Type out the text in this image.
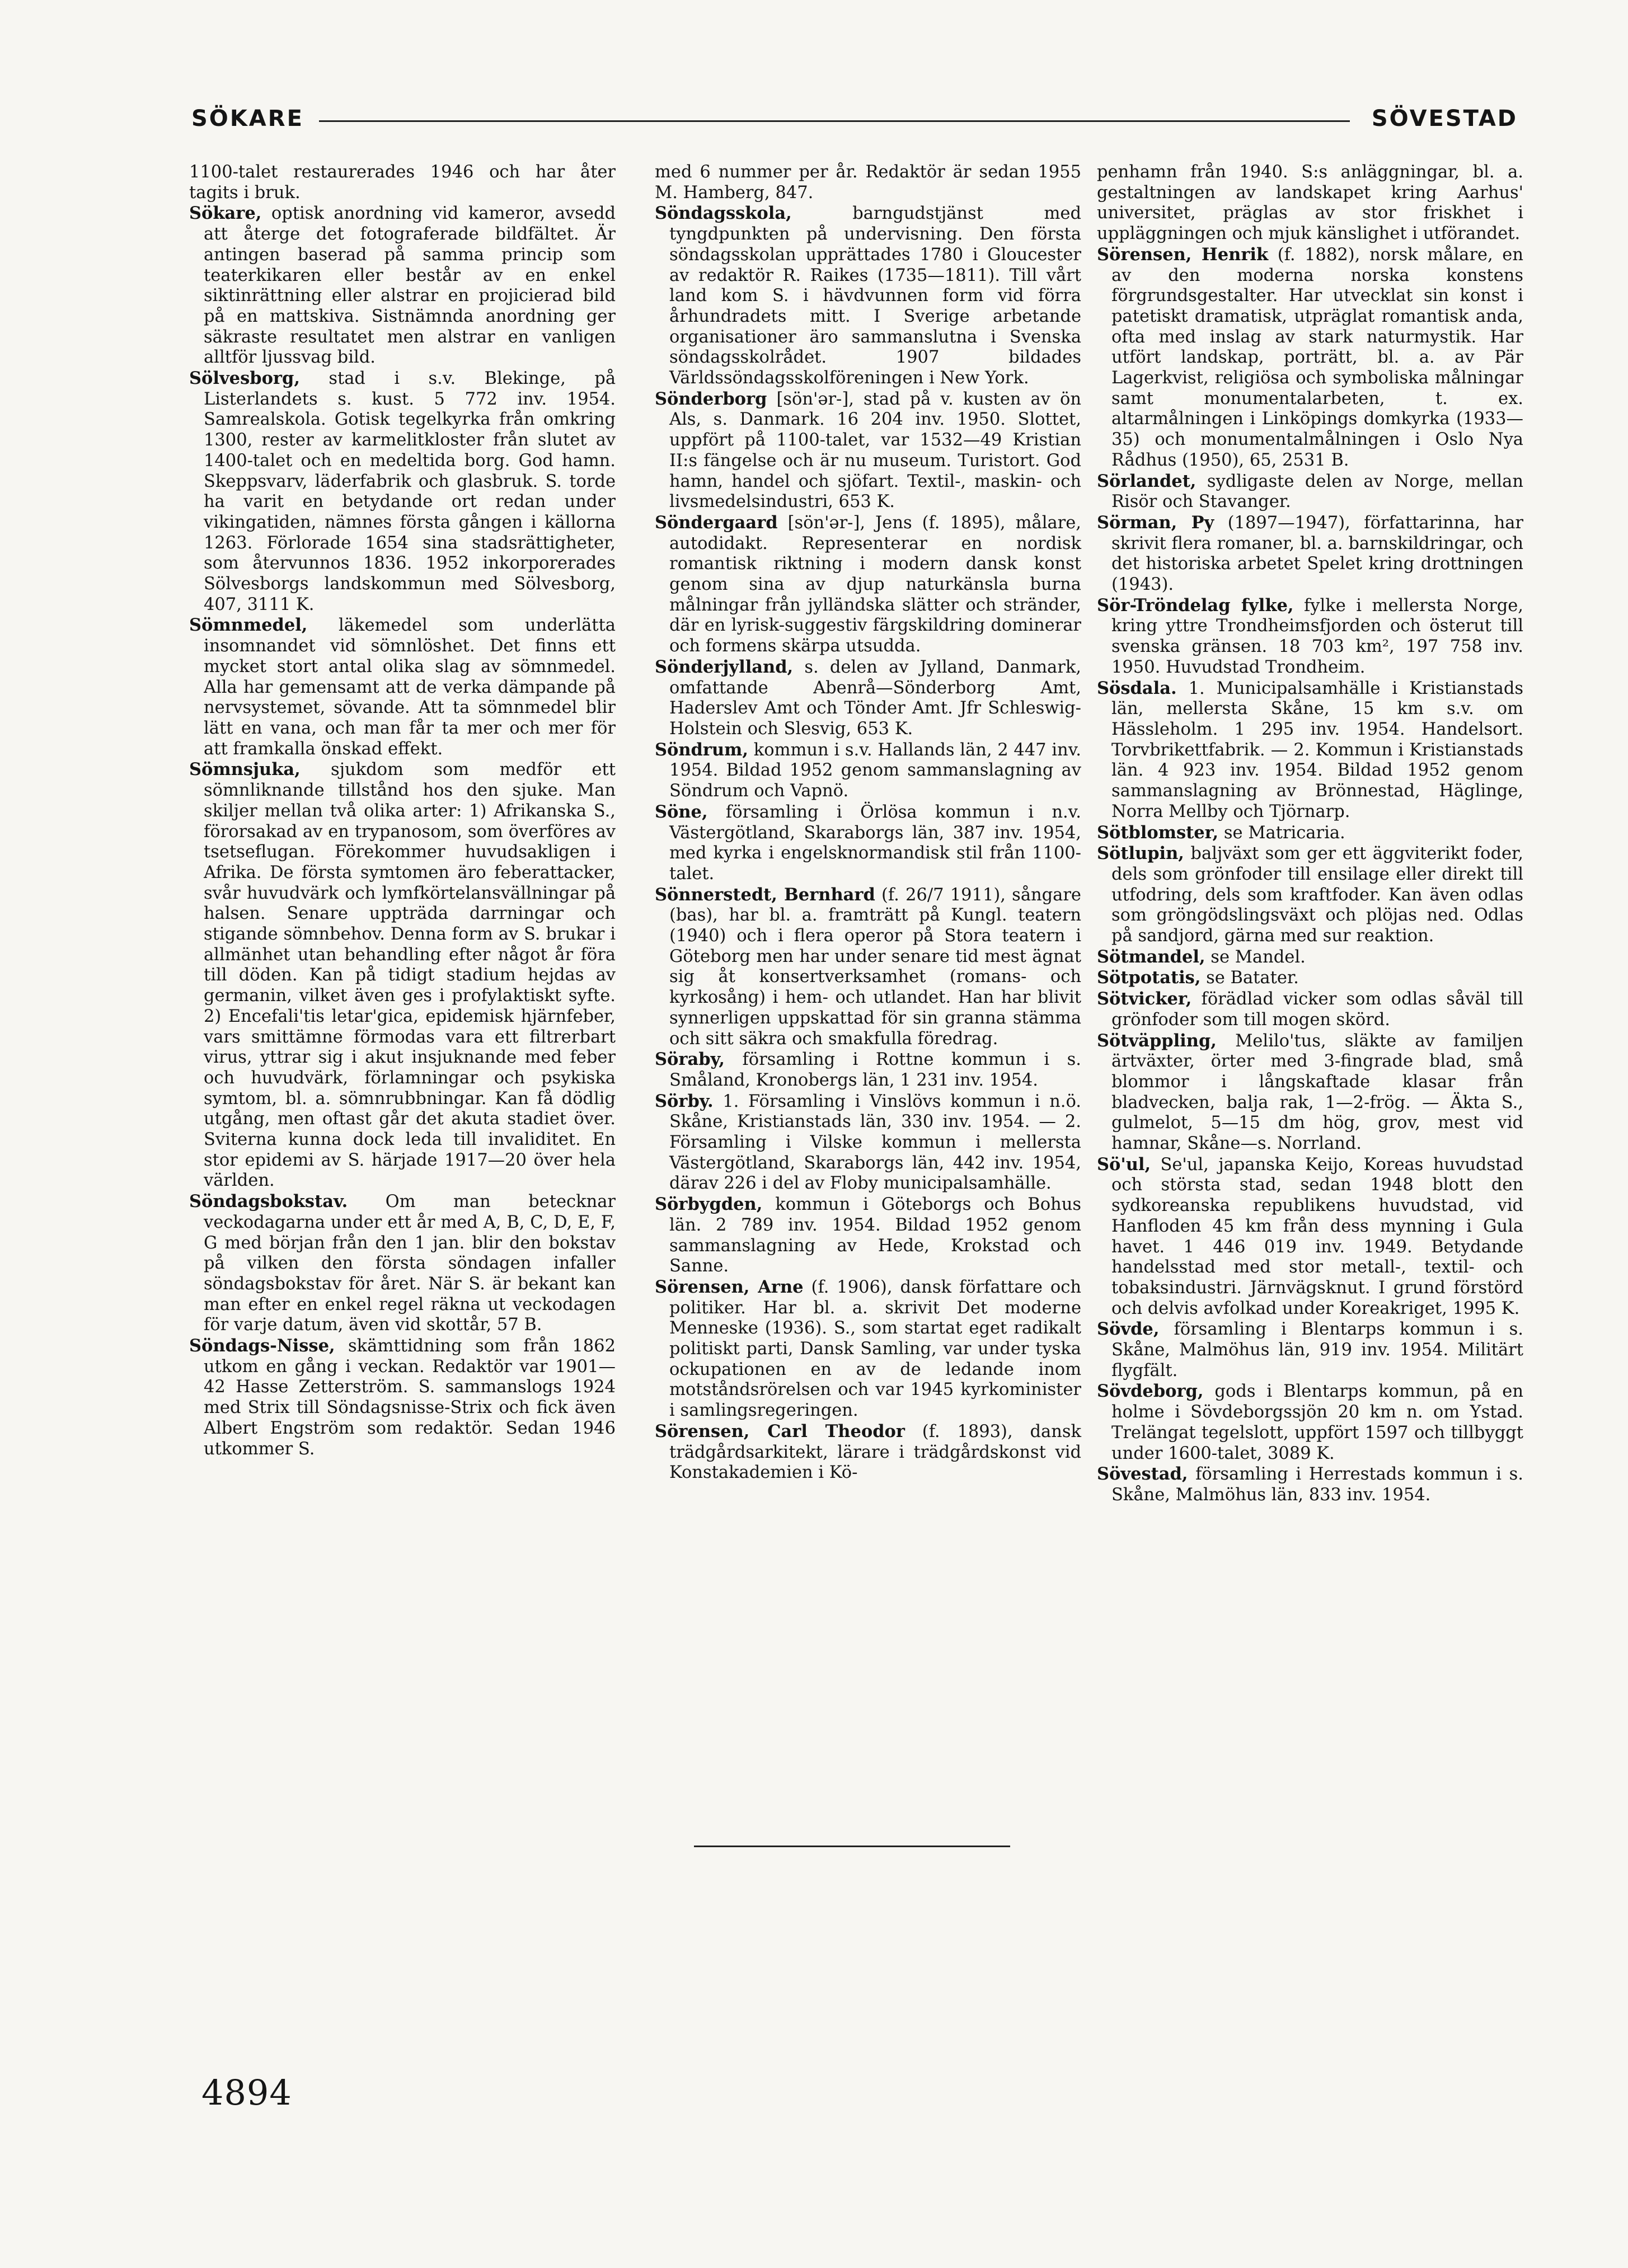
SÖKARE	SÖVESTAD

1100-talet restaurerades 1946 och har åter tagits i bruk.

Sökare, optisk anordning vid kameror, avsedd att återge det fotograferade bildfältet. Är antingen baserad på samma princip som teaterkikaren eller består av en enkel siktinrättning eller alstrar en projicierad bild på en mattskiva. Sistnämnda anordning ger säkraste resultatet men alstrar en vanligen alltför ljussvag bild.

Sölvesborg, stad i s.v. Blekinge, på Listerlandets s. kust. 5 772 inv. 1954. Samrealskola. Gotisk tegelkyrka från omkring 1300, rester av karmelitkloster från slutet av 1400-talet och en medeltida borg. God hamn. Skeppsvarv, läderfabrik och glasbruk. S. torde ha varit en betydande ort redan under vikingatiden, nämnes första gången i källorna 1263. Förlorade 1654 sina stadsrättigheter, som återvunnos 1836. 1952 inkorporerades Sölvesborgs landskommun med Sölvesborg, 407, 3111 K.

Sömnmedel, läkemedel som underlätta insomnandet vid sömnlöshet. Det finns ett mycket stort antal olika slag av sömnmedel. Alla har gemensamt att de verka dämpande på nervsystemet, sövande. Att ta sömnmedel blir lätt en vana, och man får ta mer och mer för att framkalla önskad effekt.

Sömnsjuka, sjukdom som medför ett sömnliknande tillstånd hos den sjuke. Man skiljer mellan två olika arter: 1) Afrikanska S., förorsakad av en trypanosom, som överföres av tsetseflugan. Förekommer huvudsakligen i Afrika. De första symtomen äro feberattacker, svår huvudvärk och lymfkörtelansvällningar på halsen. Senare uppträda darrningar och stigande sömnbehov. Denna form av S. brukar i allmänhet utan behandling efter något år föra till döden. Kan på tidigt stadium hejdas av germanin, vilket även ges i profylaktiskt syfte. 2) Encefali'tis letar'gica, epidemisk hjärnfeber, vars smittämne förmodas vara ett filtrerbart virus, yttrar sig i akut insjuknande med feber och huvudvärk, förlamningar och psykiska symtom, bl. a. sömnrubbningar. Kan få dödlig utgång, men oftast går det akuta stadiet över. Sviterna kunna dock leda till invaliditet. En stor epidemi av S. härjade 1917—20 över hela världen.

Söndagsbokstav. Om man betecknar veckodagarna under ett år med A, B, C, D, E, F, G med början från den 1 jan. blir den bokstav på vilken den första söndagen infaller söndagsbokstav för året. När S. är bekant kan man efter en enkel regel räkna ut veckodagen för varje datum, även vid skottår, 57 B.

Söndags-Nisse, skämttidning som från 1862 utkom en gång i veckan. Redaktör var 1901—42 Hasse Zetterström. S. sammanslogs 1924 med Strix till Söndagsnisse-Strix och fick även Albert Engström som redaktör. Sedan 1946 utkommer S.

med 6 nummer per år. Redaktör är sedan 1955 M. Hamberg, 847.

Söndagsskola, barngudstjänst med tyngdpunkten på undervisning. Den första söndagsskolan upprättades 1780 i Gloucester av redaktör R. Raikes (1735—1811). Till vårt land kom S. i hävdvunnen form vid förra århundradets mitt. I Sverige arbetande organisationer äro sammanslutna i Svenska söndagsskolrådet. 1907 bildades Världssöndagsskolföreningen i New York.

Sönderborg [sön'ər-], stad på v. kusten av ön Als, s. Danmark. 16 204 inv. 1950. Slottet, uppfört på 1100-talet, var 1532—49 Kristian II:s fängelse och är nu museum. Turistort. God hamn, handel och sjöfart. Textil-, maskin- och livsmedelsindustri, 653 K.

Söndergaard [sön'ər-], Jens (f. 1895), målare, autodidakt. Representerar en nordisk romantisk riktning i modern dansk konst genom sina av djup naturkänsla burna målningar från jylländska slätter och stränder, där en lyrisk-suggestiv färgskildring dominerar och formens skärpa utsudda.

Sönderjylland, s. delen av Jylland, Danmark, omfattande Abenrå—Sönderborg Amt, Haderslev Amt och Tönder Amt. Jfr Schleswig-Holstein och Slesvig, 653 K.

Söndrum, kommun i s.v. Hallands län, 2 447 inv. 1954. Bildad 1952 genom sammanslagning av Söndrum och Vapnö.

Söne, församling i Örlösa kommun i n.v. Västergötland, Skaraborgs län, 387 inv. 1954, med kyrka i engelsknormandisk stil från 1100-talet.

Sönnerstedt, Bernhard (f. 26/7 1911), sångare (bas), har bl. a. framträtt på Kungl. teatern (1940) och i flera operor på Stora teatern i Göteborg men har under senare tid mest ägnat sig åt konsertverksamhet (romans- och kyrkosång) i hem- och utlandet. Han har blivit synnerligen uppskattad för sin granna stämma och sitt säkra och smakfulla föredrag.

Söraby, församling i Rottne kommun i s. Småland, Kronobergs län, 1 231 inv. 1954.

Sörby. 1. Församling i Vinslövs kommun i n.ö. Skåne, Kristianstads län, 330 inv. 1954. — 2. Församling i Vilske kommun i mellersta Västergötland, Skaraborgs län, 442 inv. 1954, därav 226 i del av Floby municipalsamhälle.

Sörbygden, kommun i Göteborgs och Bohus län. 2 789 inv. 1954. Bildad 1952 genom sammanslagning av Hede, Krokstad och Sanne.

Sörensen, Arne (f. 1906), dansk författare och politiker. Har bl. a. skrivit Det moderne Menneske (1936). S., som startat eget radikalt politiskt parti, Dansk Samling, var under tyska ockupationen en av de ledande inom motståndsrörelsen och var 1945 kyrkominister i samlingsregeringen.

Sörensen, Carl Theodor (f. 1893), dansk trädgårdsarkitekt, lärare i trädgårdskonst vid Konstakademien i Kö-

penhamn från 1940. S:s anläggningar, bl. a. gestaltningen av landskapet kring Aarhus' universitet, präglas av stor friskhet i uppläggningen och mjuk känslighet i utförandet.

Sörensen, Henrik (f. 1882), norsk målare, en av den moderna norska konstens förgrundsgestalter. Har utvecklat sin konst i patetiskt dramatisk, utpräglat romantisk anda, ofta med inslag av stark naturmystik. Har utfört landskap, porträtt, bl. a. av Pär Lagerkvist, religiösa och symboliska målningar samt monumentalarbeten, t. ex. altarmålningen i Linköpings domkyrka (1933—35) och monumentalmålningen i Oslo Nya Rådhus (1950), 65, 2531 B.

Sörlandet, sydligaste delen av Norge, mellan Risör och Stavanger.

Sörman, Py (1897—1947), författarinna, har skrivit flera romaner, bl. a. barnskildringar, och det historiska arbetet Spelet kring drottningen (1943).

Sör-Tröndelag fylke, fylke i mellersta Norge, kring yttre Trondheimsfjorden och österut till svenska gränsen. 18 703 km², 197 758 inv. 1950. Huvudstad Trondheim.

Sösdala. 1. Municipalsamhälle i Kristianstads län, mellersta Skåne, 15 km s.v. om Hässleholm. 1 295 inv. 1954. Handelsort. Torvbrikettfabrik. — 2. Kommun i Kristianstads län. 4 923 inv. 1954. Bildad 1952 genom sammanslagning av Brönnestad, Häglinge, Norra Mellby och Tjörnarp.

Sötblomster, se Matricaria.

Sötlupin, baljväxt som ger ett äggviterikt foder, dels som grönfoder till ensilage eller direkt till utfodring, dels som kraftfoder. Kan även odlas som gröngödslingsväxt och plöjas ned. Odlas på sandjord, gärna med sur reaktion.

Sötmandel, se Mandel.

Sötpotatis, se Batater.

Sötvicker, förädlad vicker som odlas såväl till grönfoder som till mogen skörd.

Sötväppling, Melilo'tus, släkte av familjen ärtväxter, örter med 3-fingrade blad, små blommor i långskaftade klasar från bladvecken, balja rak, 1—2-frög. — Äkta S., gulmelot, 5—15 dm hög, grov, mest vid hamnar, Skåne—s. Norrland.

Sö'ul, Se'ul, japanska Keijo, Koreas huvudstad och största stad, sedan 1948 blott den sydkoreanska republikens huvudstad, vid Hanfloden 45 km från dess mynning i Gula havet. 1 446 019 inv. 1949. Betydande handelsstad med stor metall-, textil- och tobaksindustri. Järnvägsknut. I grund förstörd och delvis avfolkad under Koreakriget, 1995 K.

Sövde, församling i Blentarps kommun i s. Skåne, Malmöhus län, 919 inv. 1954. Militärt flygfält.

Sövdeborg, gods i Blentarps kommun, på en holme i Sövdeborgssjön 20 km n. om Ystad. Trelängat tegelslott, uppfört 1597 och tillbyggt under 1600-talet, 3089 K.

Sövestad, församling i Herrestads kommun i s. Skåne, Malmöhus län, 833 inv. 1954.

4894
